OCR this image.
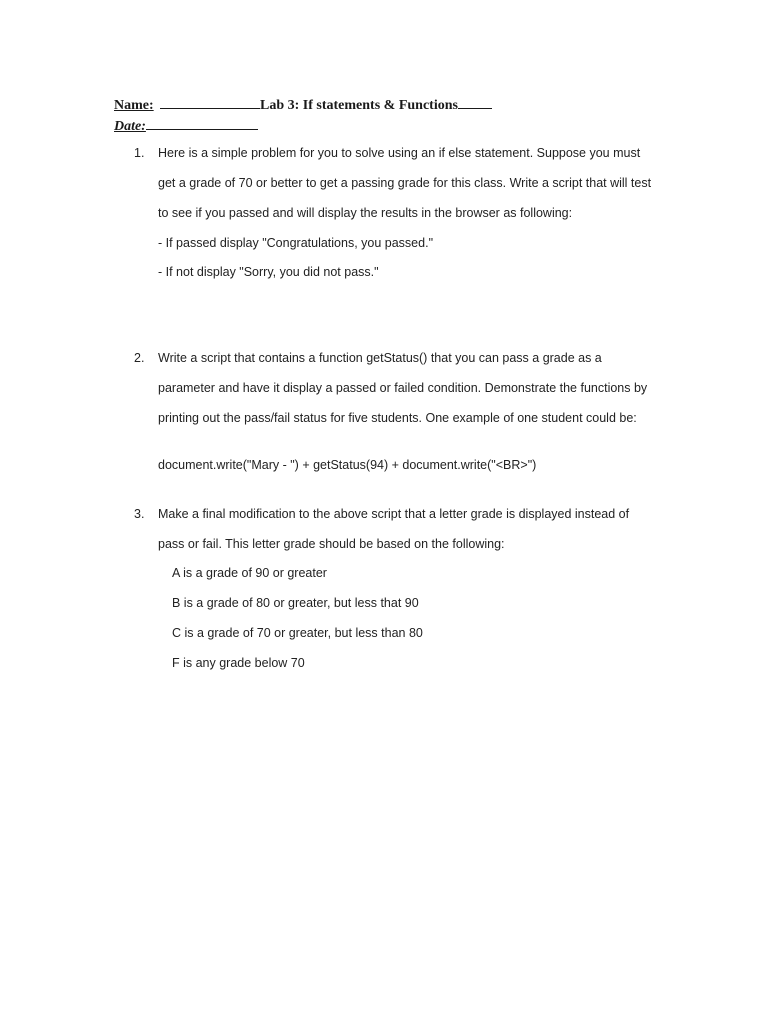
Name:	Lab 3: If statements & Functions
Date:
1.	Here is a simple problem for you to solve using an if else statement. Suppose you must
get a grade of 70 or better to get a passing grade for this class. Write a script that will test
to see if you passed and will display the results in the browser as following:
- If passed display "Congratulations, you passed."
- If not display "Sorry, you did not pass."
2.	Write a script that contains a function getStatus() that you can pass a grade as a
parameter and have it display a passed or failed condition. Demonstrate the functions by
printing out the pass/fail status for five students. One example of one student could be:
document.write("Mary - ") + getStatus(94) + document.write("<BR>")
3.	Make a final modification to the above script that a letter grade is displayed instead of
pass or fail. This letter grade should be based on the following:
A is a grade of 90 or greater
B is a grade of 80 or greater, but less that 90
C is a grade of 70 or greater, but less than 80
F is any grade below 70
